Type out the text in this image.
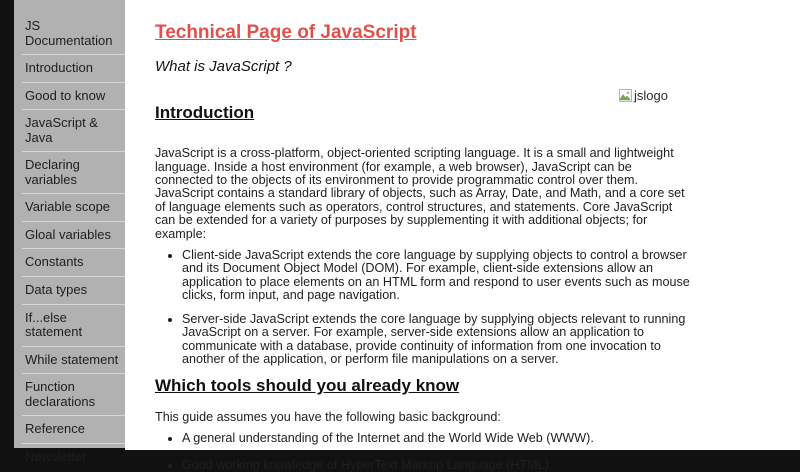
JS Documentation
Introduction
Good to know
JavaScript & Java
Declaring variables
Variable scope
Gloal variables
Constants
Data types
If...else statement
While statement
Function declarations
Reference
Newsletter
Technical Page of JavaScript

What is JavaScript ?

jslogo
Introduction

JavaScript is a cross-platform, object-oriented scripting language. It is a small and lightweight language. Inside a host environment (for example, a web browser), JavaScript can be connected to the objects of its environment to provide programmatic control over them. JavaScript contains a standard library of objects, such as Array, Date, and Math, and a core set of language elements such as operators, control structures, and statements. Core JavaScript can be extended for a variety of purposes by supplementing it with additional objects; for example:

• Client-side JavaScript extends the core language by supplying objects to control a browser and its Document Object Model (DOM). For example, client-side extensions allow an application to place elements on an HTML form and respond to user events such as mouse clicks, form input, and page navigation.
• Server-side JavaScript extends the core language by supplying objects relevant to running JavaScript on a server. For example, server-side extensions allow an application to communicate with a database, provide continuity of information from one invocation to another of the application, or perform file manipulations on a server.
Which tools should you already know

This guide assumes you have the following basic background:

• A general understanding of the Internet and the World Wide Web (WWW).
• Good working knowledge of HyperText Markup Language (HTML).
